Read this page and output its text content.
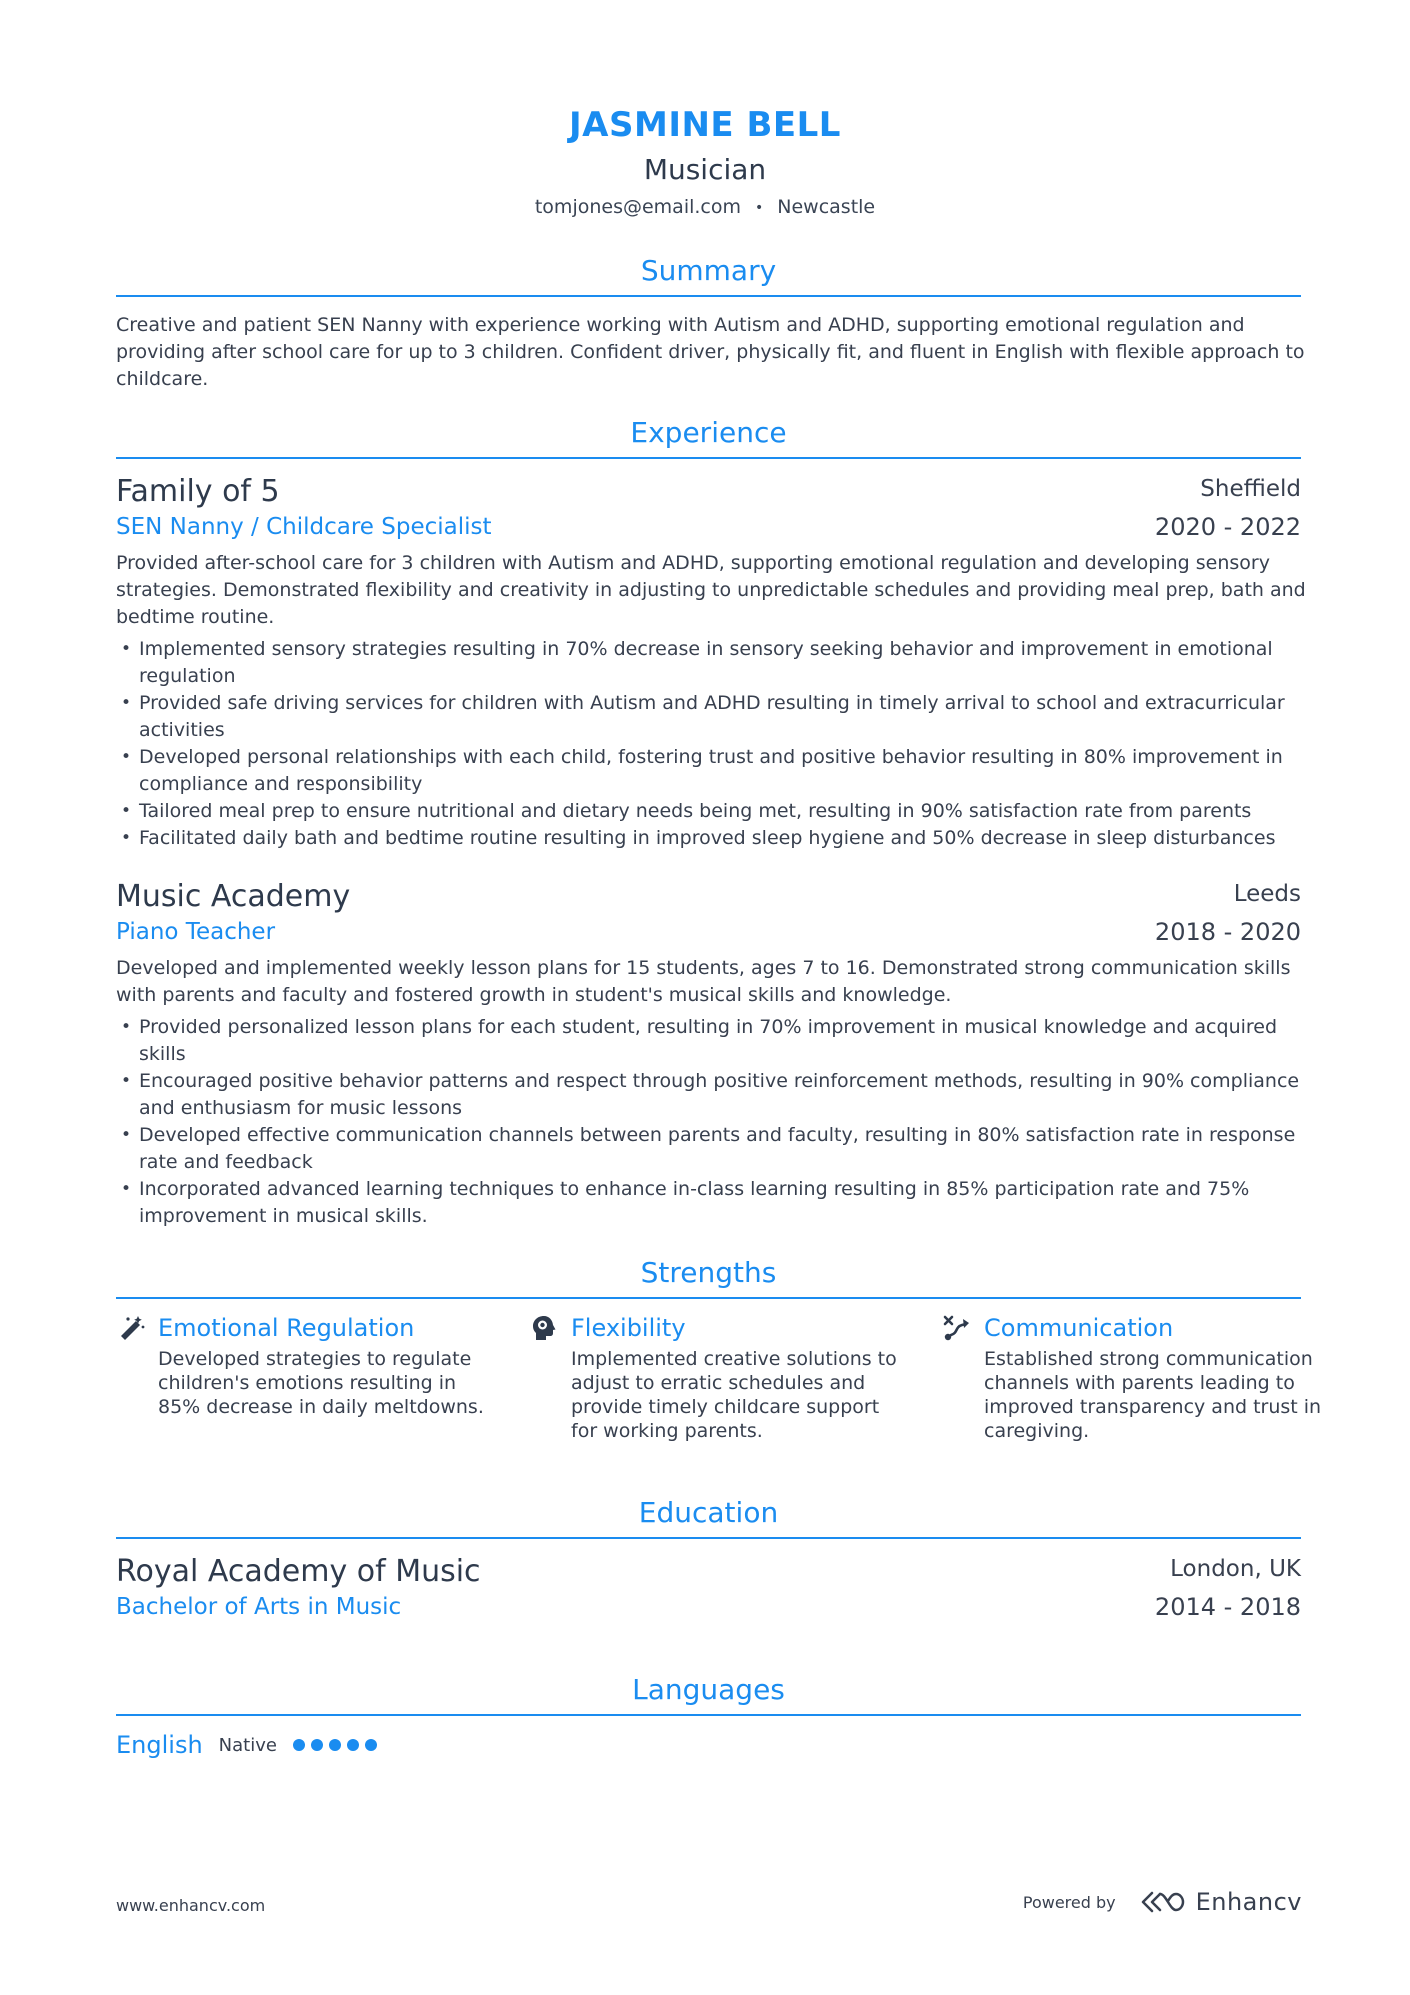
JASMINE BELL
Musician
tomjones@email.com • Newcastle
Summary
Creative and patient SEN Nanny with experience working with Autism and ADHD, supporting emotional regulation and providing after school care for up to 3 children. Confident driver, physically fit, and fluent in English with flexible approach to childcare.
Experience
Family of 5	Sheffield
SEN Nanny / Childcare Specialist	2020 - 2022
Provided after-school care for 3 children with Autism and ADHD, supporting emotional regulation and developing sensory strategies. Demonstrated flexibility and creativity in adjusting to unpredictable schedules and providing meal prep, bath and bedtime routine.
• Implemented sensory strategies resulting in 70% decrease in sensory seeking behavior and improvement in emotional regulation
• Provided safe driving services for children with Autism and ADHD resulting in timely arrival to school and extracurricular activities
• Developed personal relationships with each child, fostering trust and positive behavior resulting in 80% improvement in compliance and responsibility
• Tailored meal prep to ensure nutritional and dietary needs being met, resulting in 90% satisfaction rate from parents
• Facilitated daily bath and bedtime routine resulting in improved sleep hygiene and 50% decrease in sleep disturbances
Music Academy	Leeds
Piano Teacher	2018 - 2020
Developed and implemented weekly lesson plans for 15 students, ages 7 to 16. Demonstrated strong communication skills with parents and faculty and fostered growth in student's musical skills and knowledge.
• Provided personalized lesson plans for each student, resulting in 70% improvement in musical knowledge and acquired skills
• Encouraged positive behavior patterns and respect through positive reinforcement methods, resulting in 90% compliance and enthusiasm for music lessons
• Developed effective communication channels between parents and faculty, resulting in 80% satisfaction rate in response rate and feedback
• Incorporated advanced learning techniques to enhance in-class learning resulting in 85% participation rate and 75% improvement in musical skills.
Strengths
Emotional Regulation
Developed strategies to regulate children's emotions resulting in 85% decrease in daily meltdowns.
Flexibility
Implemented creative solutions to adjust to erratic schedules and provide timely childcare support for working parents.
Communication
Established strong communication channels with parents leading to improved transparency and trust in caregiving.
Education
Royal Academy of Music	London, UK
Bachelor of Arts in Music	2014 - 2018
Languages
English Native
www.enhancv.com	Powered by	Enhancv
